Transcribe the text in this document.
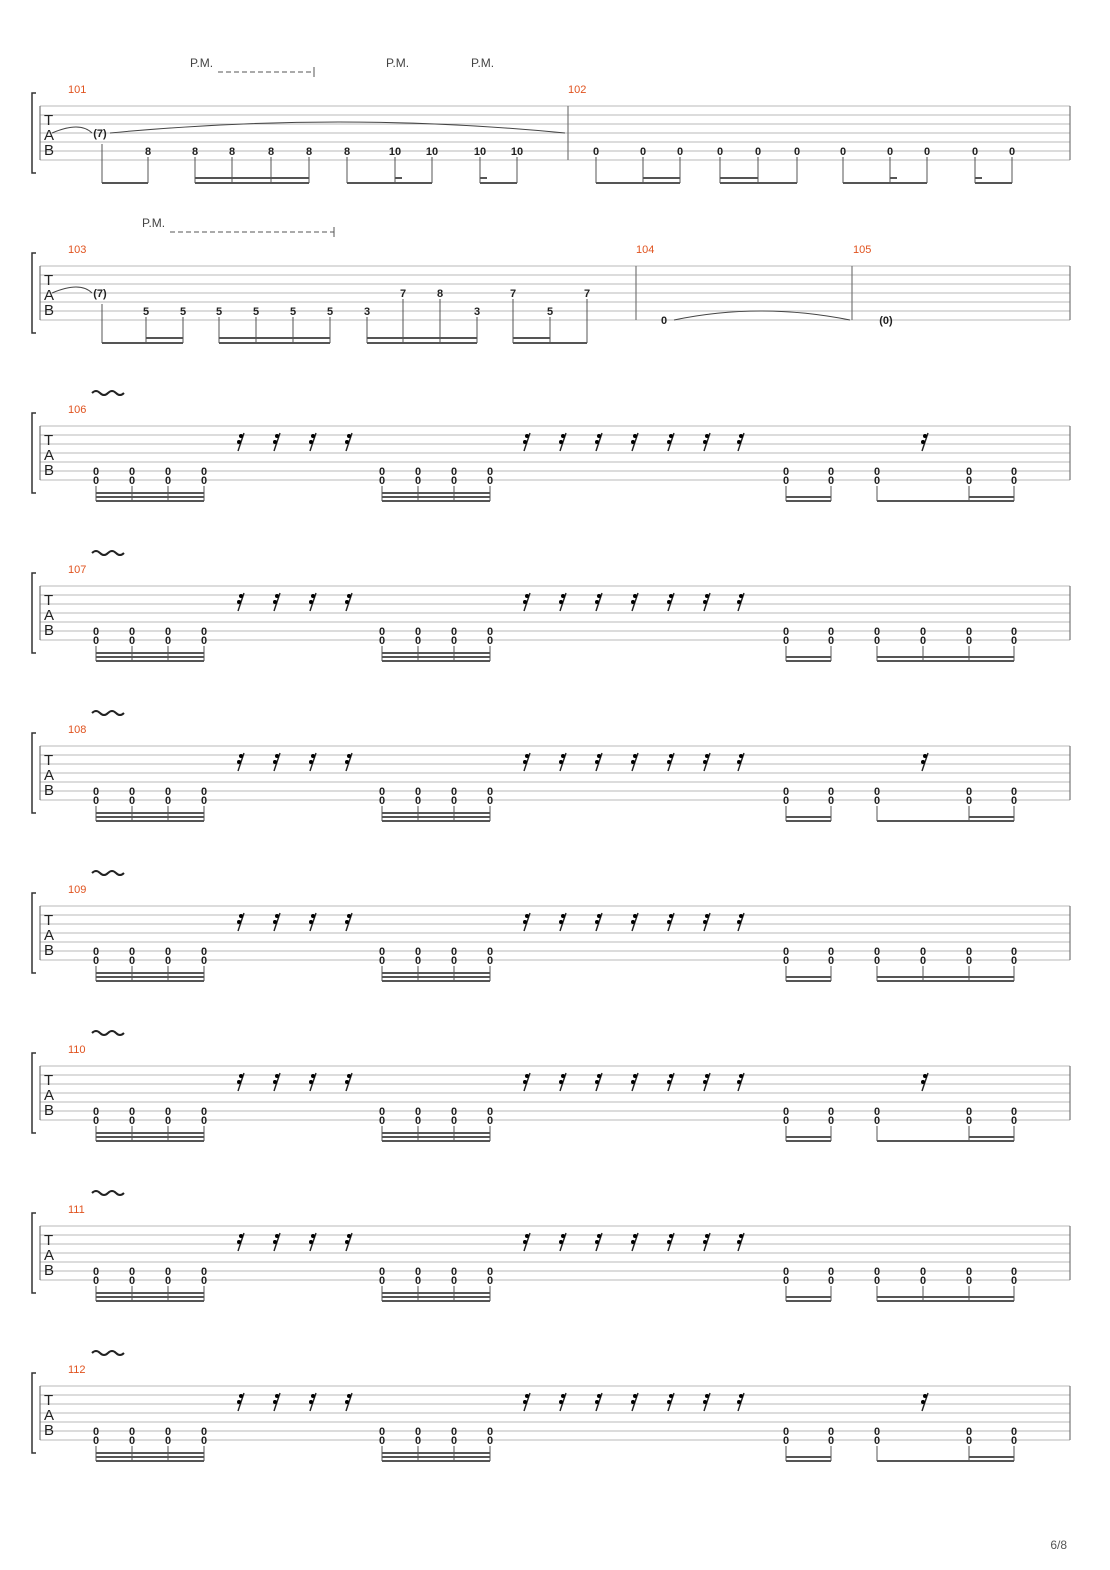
T
A
B
101	102
P.M.	P.M.	P.M.
(7)
8	8	8	8	8	8	10 10	10 10	0	0	0	0	0	0	0	0	0	0	0
T
A
B
103	104	105
P.M.
(7)
5	5	5	5	5	5	3
7	8
3
7
5
7
0	(0)
T
A
B
106
0
0
0
0
0
0
0
0
0
0
0
0
0
0
0
0
0
0
0
0
0
0
0
0
0
0
T
A
B
107
0
0
0
0
0
0
0
0
0
0
0
0
0
0
0
0
0
0
0
0
0
0
0
0
0
0
0
0
T
A
B
108
0
0
0
0
0
0
0
0
0
0
0
0
0
0
0
0
0
0
0
0
0
0
0
0
0
0
T
A
B
109
0
0
0
0
0
0
0
0
0
0
0
0
0
0
0
0
0
0
0
0
0
0
0
0
0
0
0
0
T
A
B
110
0
0
0
0
0
0
0
0
0
0
0
0
0
0
0
0
0
0
0
0
0
0
0
0
0
0
T
A
B
111
0
0
0
0
0
0
0
0
0
0
0
0
0
0
0
0
0
0
0
0
0
0
0
0
0
0
0
0
T
A
B
112
0
0
0
0
0
0
0
0
0
0
0
0
0
0
0
0
0
0
0
0
0
0
0
0
0
0
6/8
